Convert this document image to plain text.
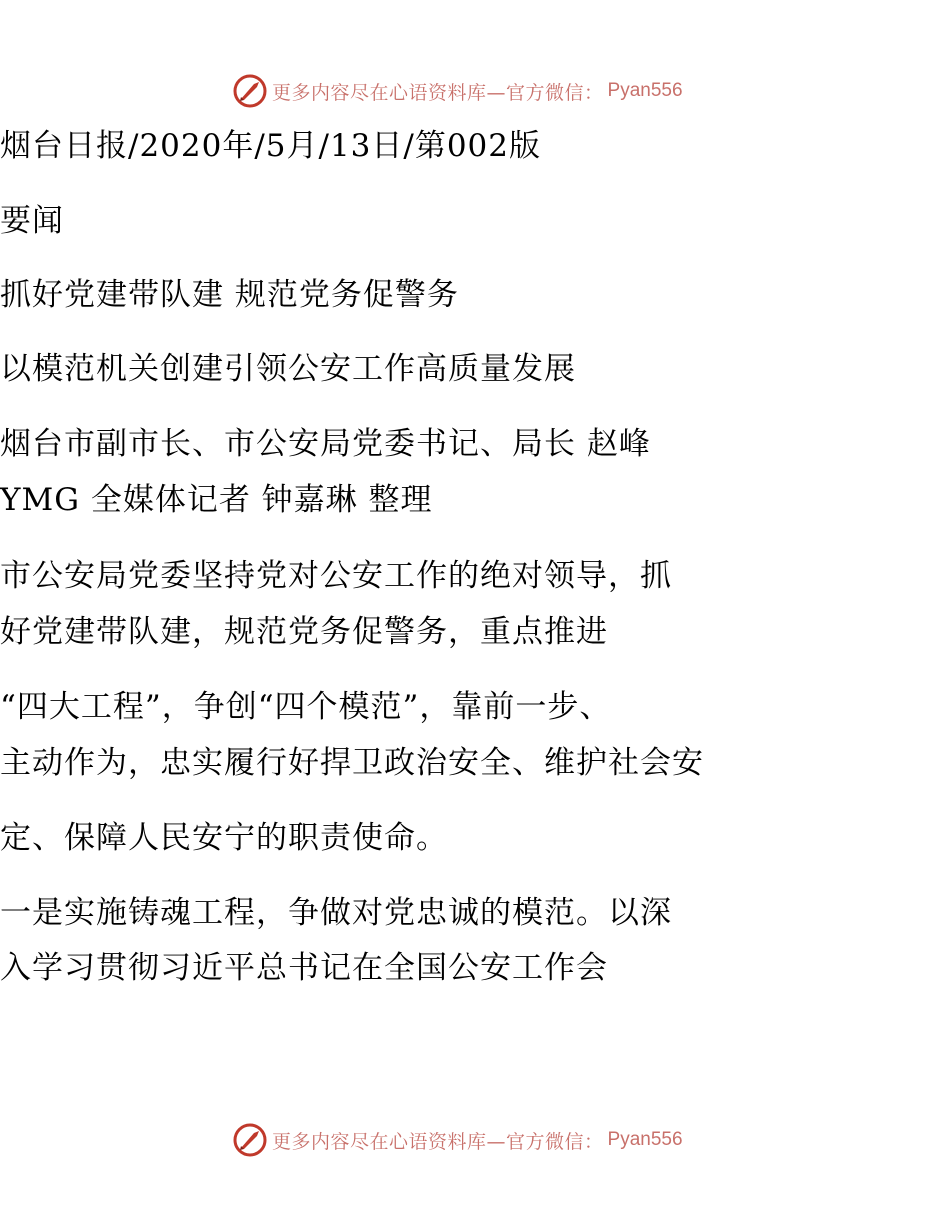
更多内容尽在心语资料库—官方微信： Pyan556
烟台日报/2020年/5月/13日/第002版
要闻
抓好党建带队建 规范党务促警务
以模范机关创建引领公安工作高质量发展
烟台市副市长、市公安局党委书记、局长 赵峰
YMG 全媒体记者 钟嘉琳 整理
市公安局党委坚持党对公安工作的绝对领导，抓
好党建带队建，规范党务促警务，重点推进
“四大工程”，争创“四个模范”，靠前一步、
主动作为，忠实履行好捍卫政治安全、维护社会安
定、保障人民安宁的职责使命。
一是实施铸魂工程，争做对党忠诚的模范。以深
入学习贯彻习近平总书记在全国公安工作会
更多内容尽在心语资料库—官方微信： Pyan556
